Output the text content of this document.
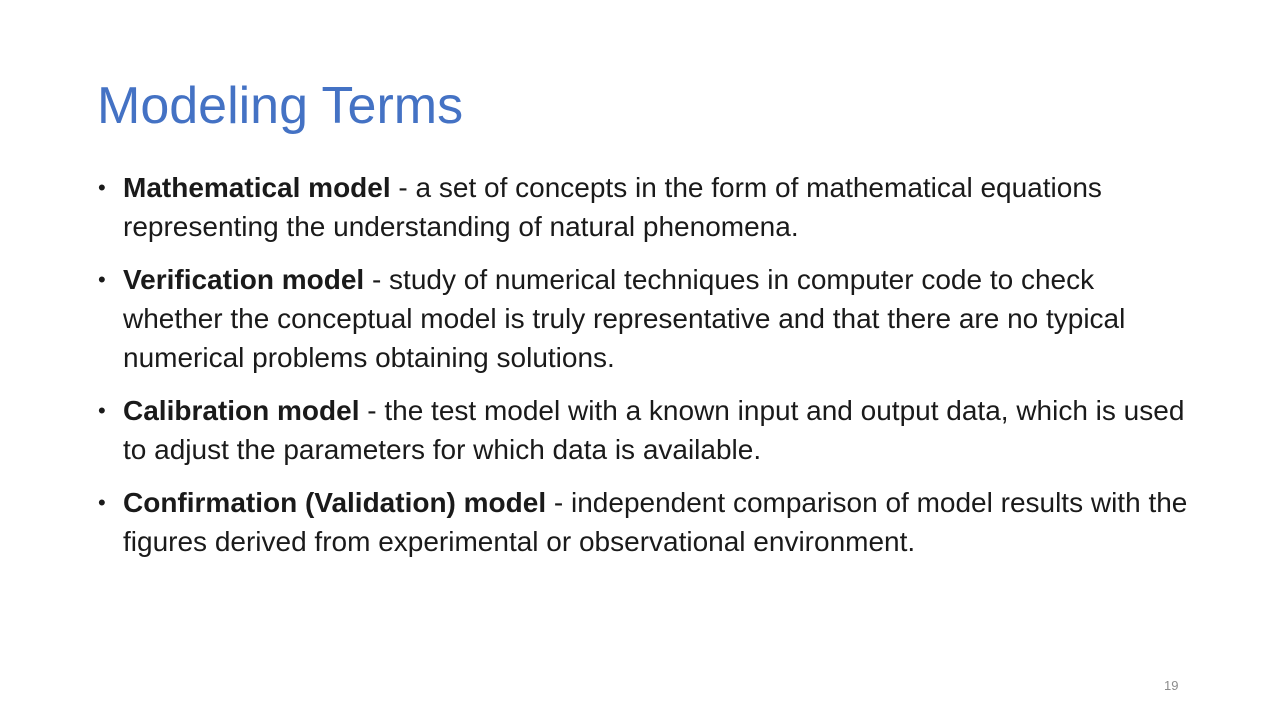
Modeling Terms
• Mathematical model - a set of concepts in the form of mathematical equations representing the understanding of natural phenomena.
• Verification model - study of numerical techniques in computer code to check whether the conceptual model is truly representative and that there are no typical numerical problems obtaining solutions.
• Calibration model - the test model with a known input and output data, which is used to adjust the parameters for which data is available.
• Confirmation (Validation) model - independent comparison of model results with the figures derived from experimental or observational environment.
19
